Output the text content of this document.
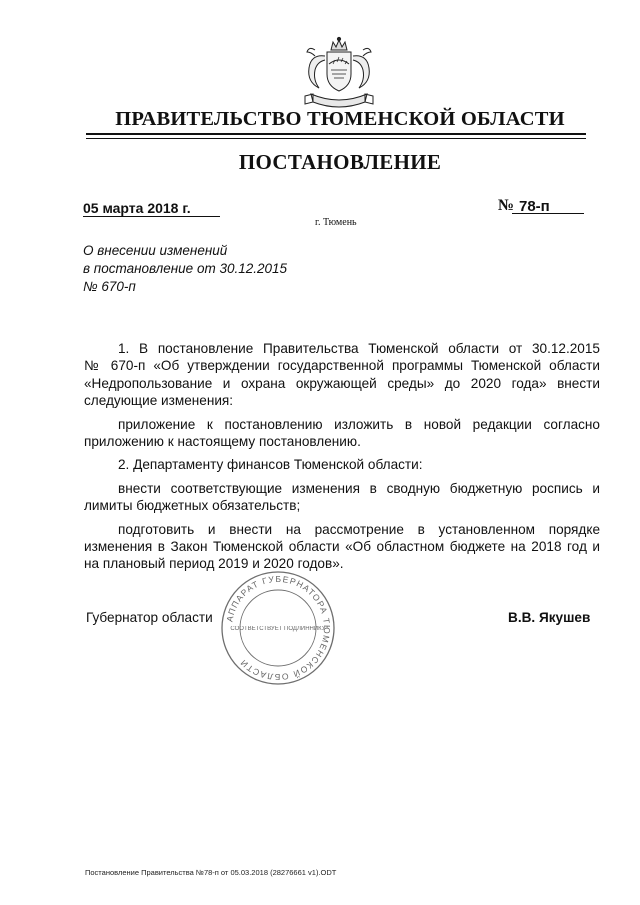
ПРАВИТЕЛЬСТВО ТЮМЕНСКОЙ ОБЛАСТИ
ПОСТАНОВЛЕНИЕ
05 марта 2018 г.	№ 78-п
г. Тюмень
О внесении изменений
в постановление от 30.12.2015
№ 670-п

1. В постановление Правительства Тюменской области от 30.12.2015

№ 670-п «Об утверждении государственной программы Тюменской области

«Недропользование и охрана окружающей среды» до 2020 года» внести

следующие изменения:

приложение к постановлению изложить в новой редакции согласно

приложению к настоящему постановлению.

2. Департаменту финансов Тюменской области:

внести соответствующие изменения в сводную бюджетную роспись и

лимиты бюджетных обязательств;

подготовить и внести на рассмотрение в установленном порядке

изменения в Закон Тюменской области «Об областном бюджете на 2018 год и

на плановый период 2019 и 2020 годов».

Губернатор области	В.В. Якушев
АППАРАТ ГУБЕРНАТОРА ТЮМЕНСКОЙ ОБЛАСТИ
СООТВЕТСТВУЕТ ПОДЛИННИКУ
Постановление Правительства №78-п от 05.03.2018 (28276661 v1).ODT
